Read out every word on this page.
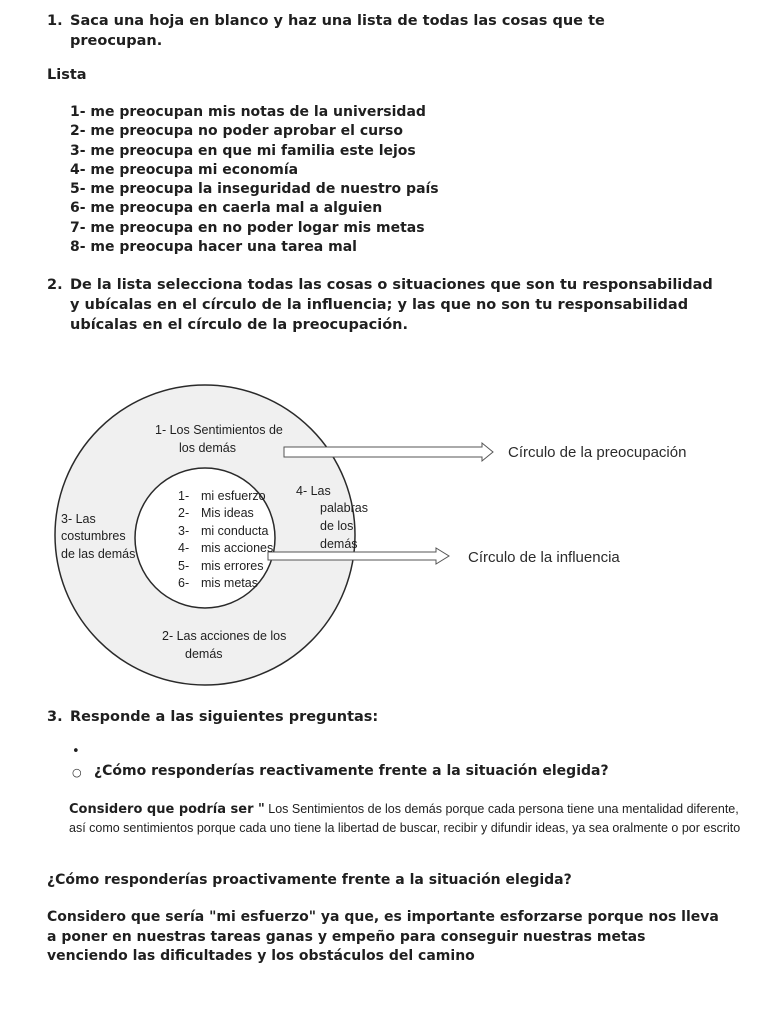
1. Saca una hoja en blanco y haz una lista de todas las cosas que te preocupan.
Lista
1- me preocupan mis notas de la universidad
2- me preocupa no poder aprobar el curso
3- me preocupa en que mi familia este lejos
4- me preocupa mi economía
5- me preocupa la inseguridad de nuestro país
6- me preocupa en caerla mal a alguien
7- me preocupa en no poder logar mis metas
8- me preocupa hacer una tarea mal
2. De la lista selecciona todas las cosas o situaciones que son tu responsabilidad y ubícalas en el círculo de la influencia; y las que no son tu responsabilidad ubícalas en el círculo de la preocupación.
1- Los Sentimientos de
los demás
4- Las
palabras
de los
demás
3- Las
costumbres
de las demás
1- mi esfuerzo
2- Mis ideas
3- mi conducta
4- mis acciones
5- mis errores
6- mis metas
2- Las acciones de los
demás
Círculo de la preocupación
Círculo de la influencia
3. Responde a las siguientes preguntas:
•
○ ¿Cómo responderías reactivamente frente a la situación elegida?
Considero que podría ser " Los Sentimientos de los demás porque cada persona tiene una mentalidad diferente, así como sentimientos porque cada uno tiene la libertad de buscar, recibir y difundir ideas, ya sea oralmente o por escrito
¿Cómo responderías proactivamente frente a la situación elegida?
Considero que sería "mi esfuerzo" ya que, es importante esforzarse porque nos lleva a poner en nuestras tareas ganas y empeño para conseguir nuestras metas venciendo las dificultades y los obstáculos del camino
